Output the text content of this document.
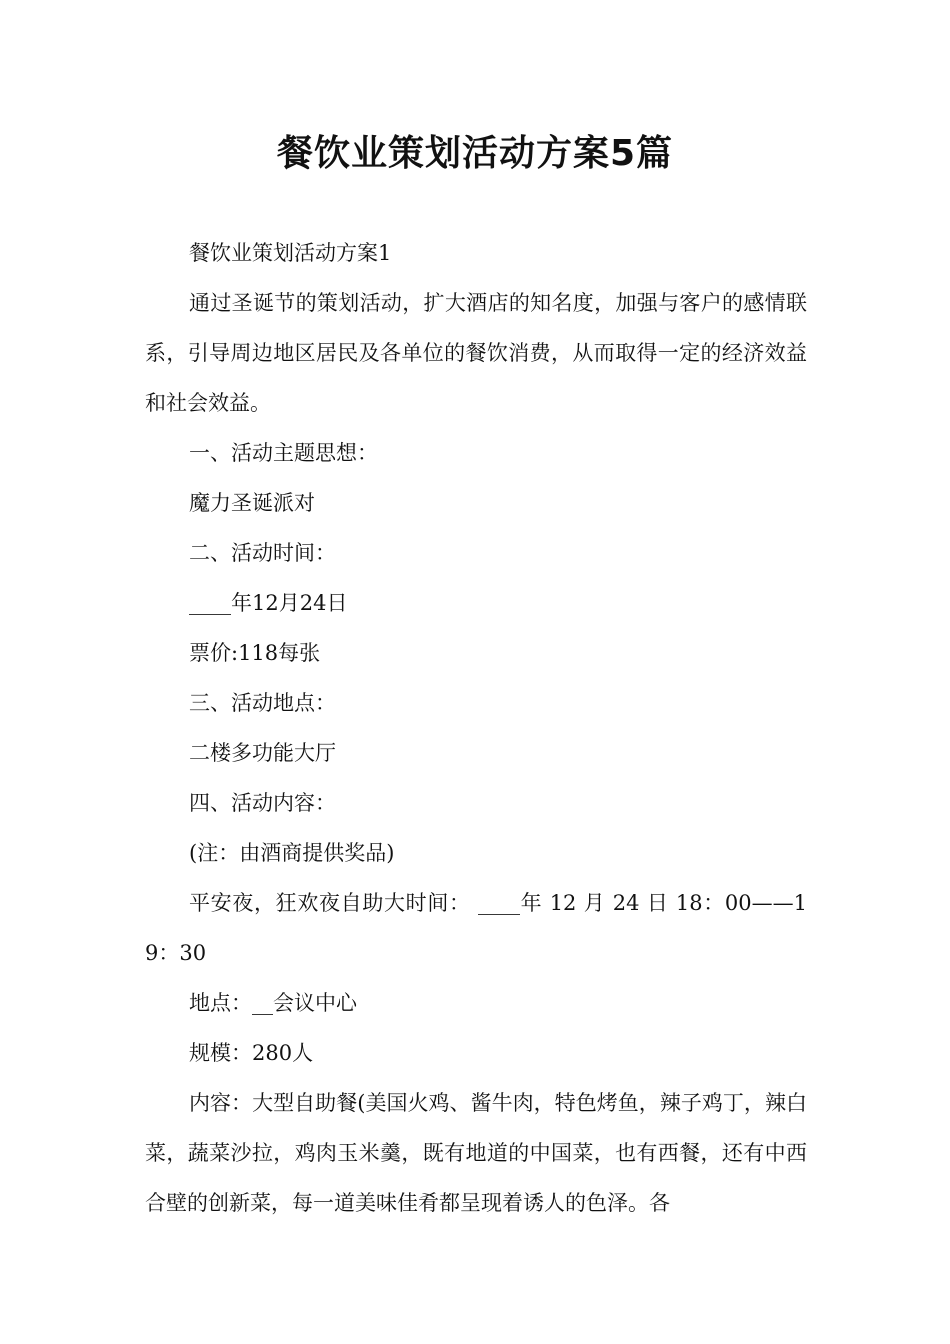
餐饮业策划活动方案5篇

餐饮业策划活动方案1

通过圣诞节的策划活动，扩大酒店的知名度，加强与客户的感情联系，引导周边地区居民及各单位的餐饮消费，从而取得一定的经济效益和社会效益。

一、活动主题思想：

魔力圣诞派对

二、活动时间：

____年12月24日

票价:118每张

三、活动地点：

二楼多功能大厅

四、活动内容：

(注：由酒商提供奖品)

平安夜，狂欢夜自助大时间： ____年 12 月 24 日 18：00——19：30

地点：__会议中心

规模：280人

内容：大型自助餐(美国火鸡、酱牛肉，特色烤鱼，辣子鸡丁，辣白菜，蔬菜沙拉，鸡肉玉米羹，既有地道的中国菜，也有西餐，还有中西合壁的创新菜，每一道美味佳肴都呈现着诱人的色泽。各
